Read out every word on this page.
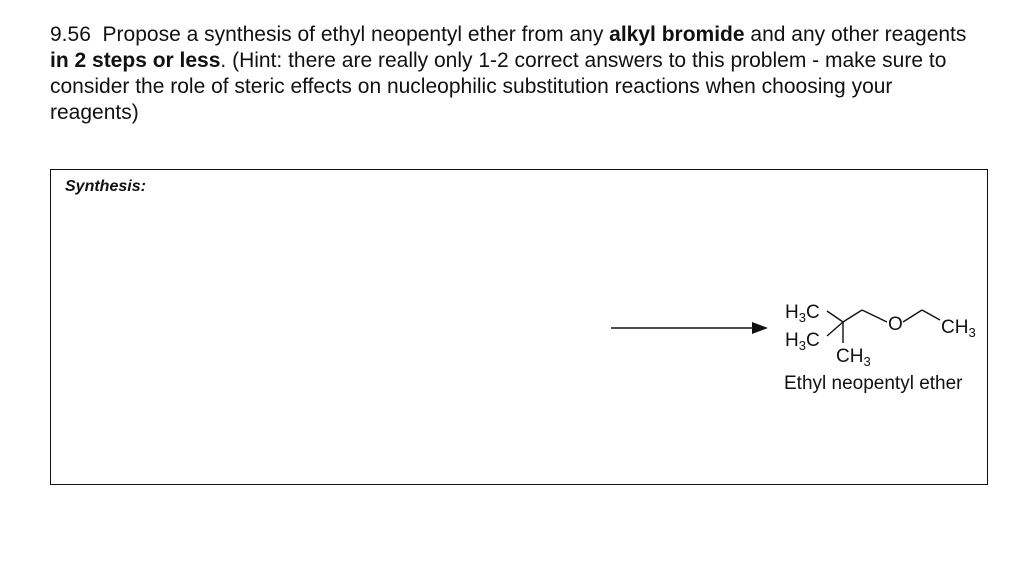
9.56 Propose a synthesis of ethyl neopentyl ether from any alkyl bromide and any other reagents in 2 steps or less. (Hint: there are really only 1-2 correct answers to this problem - make sure to consider the role of steric effects on nucleophilic substitution reactions when choosing your reagents)
Synthesis:
$H_3C$
$H_3C$
$CH_3$
O $CH_3$
Ethyl neopentyl ether
